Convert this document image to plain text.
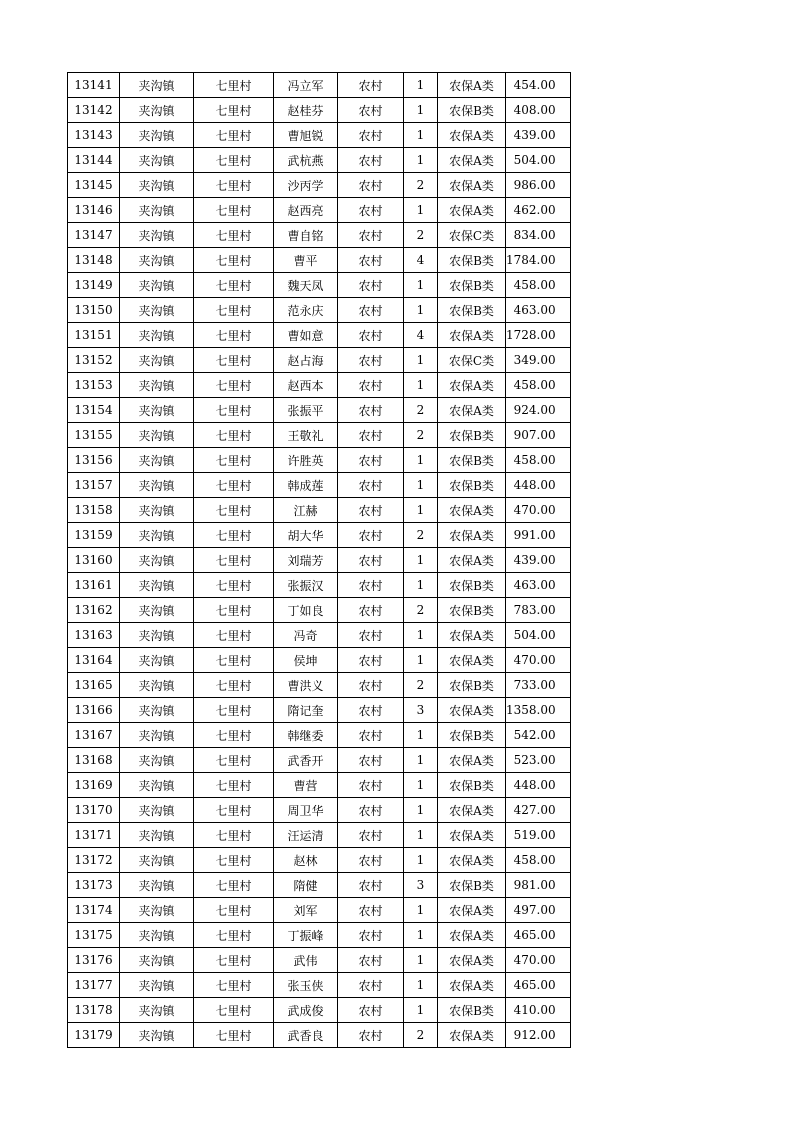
13141	夹沟镇	七里村	冯立军	农村	1	农保A类	454.00
13142	夹沟镇	七里村	赵桂芬	农村	1	农保B类	408.00
13143	夹沟镇	七里村	曹旭锐	农村	1	农保A类	439.00
13144	夹沟镇	七里村	武杭燕	农村	1	农保A类	504.00
13145	夹沟镇	七里村	沙丙学	农村	2	农保A类	986.00
13146	夹沟镇	七里村	赵西亮	农村	1	农保A类	462.00
13147	夹沟镇	七里村	曹自铭	农村	2	农保C类	834.00
13148	夹沟镇	七里村	曹平	农村	4	农保B类	1784.00
13149	夹沟镇	七里村	魏天凤	农村	1	农保B类	458.00
13150	夹沟镇	七里村	范永庆	农村	1	农保B类	463.00
13151	夹沟镇	七里村	曹如意	农村	4	农保A类	1728.00
13152	夹沟镇	七里村	赵占海	农村	1	农保C类	349.00
13153	夹沟镇	七里村	赵西本	农村	1	农保A类	458.00
13154	夹沟镇	七里村	张振平	农村	2	农保A类	924.00
13155	夹沟镇	七里村	王敬礼	农村	2	农保B类	907.00
13156	夹沟镇	七里村	许胜英	农村	1	农保B类	458.00
13157	夹沟镇	七里村	韩成莲	农村	1	农保B类	448.00
13158	夹沟镇	七里村	江赫	农村	1	农保A类	470.00
13159	夹沟镇	七里村	胡大华	农村	2	农保A类	991.00
13160	夹沟镇	七里村	刘瑞芳	农村	1	农保A类	439.00
13161	夹沟镇	七里村	张振汉	农村	1	农保B类	463.00
13162	夹沟镇	七里村	丁如良	农村	2	农保B类	783.00
13163	夹沟镇	七里村	冯奇	农村	1	农保A类	504.00
13164	夹沟镇	七里村	侯坤	农村	1	农保A类	470.00
13165	夹沟镇	七里村	曹洪义	农村	2	农保B类	733.00
13166	夹沟镇	七里村	隋记奎	农村	3	农保A类	1358.00
13167	夹沟镇	七里村	韩继委	农村	1	农保B类	542.00
13168	夹沟镇	七里村	武香开	农村	1	农保A类	523.00
13169	夹沟镇	七里村	曹营	农村	1	农保B类	448.00
13170	夹沟镇	七里村	周卫华	农村	1	农保A类	427.00
13171	夹沟镇	七里村	汪运清	农村	1	农保A类	519.00
13172	夹沟镇	七里村	赵林	农村	1	农保A类	458.00
13173	夹沟镇	七里村	隋健	农村	3	农保B类	981.00
13174	夹沟镇	七里村	刘军	农村	1	农保A类	497.00
13175	夹沟镇	七里村	丁振峰	农村	1	农保A类	465.00
13176	夹沟镇	七里村	武伟	农村	1	农保A类	470.00
13177	夹沟镇	七里村	张玉侠	农村	1	农保A类	465.00
13178	夹沟镇	七里村	武成俊	农村	1	农保B类	410.00
13179	夹沟镇	七里村	武香良	农村	2	农保A类	912.00
